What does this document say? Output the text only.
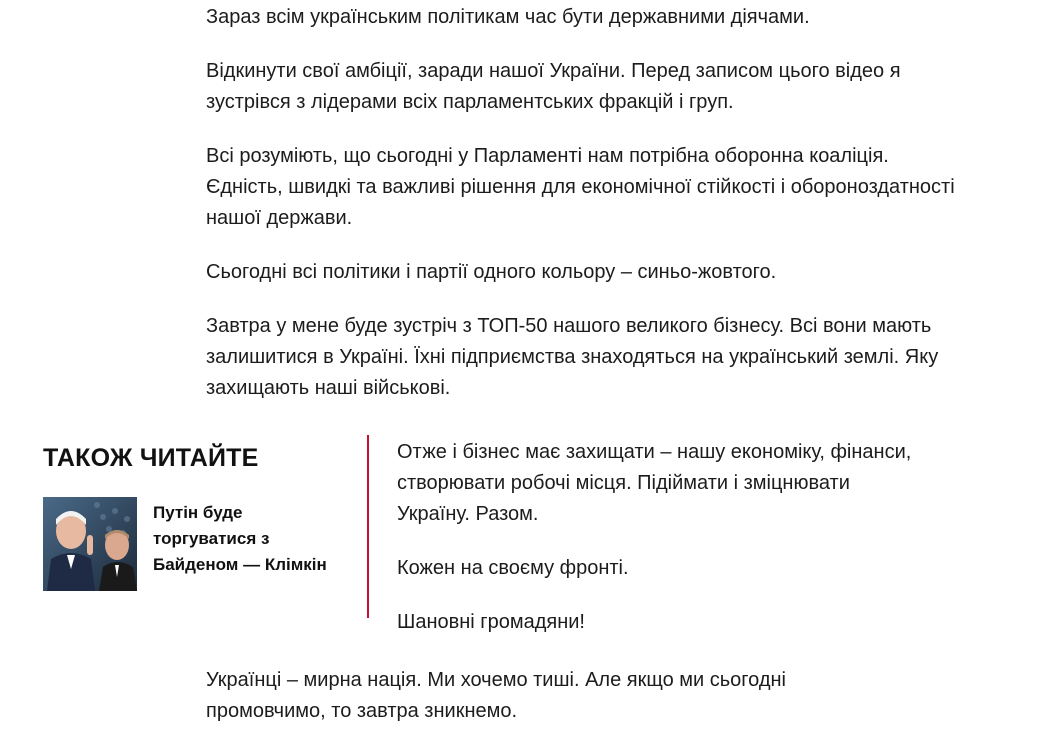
Зараз всім українським політикам час бути державними діячами.

Відкинути свої амбіції, заради нашої України. Перед записом цього відео я зустрівся з лідерами всіх парламентських фракцій і груп.

Всі розуміють, що сьогодні у Парламенті нам потрібна оборонна коаліція. Єдність, швидкі та важливі рішення для економічної стійкості і обороноздатності нашої держави.

Сьогодні всі політики і партії одного кольору – синьо-жовтого.

Завтра у мене буде зустріч з ТОП-50 нашого великого бізнесу. Всі вони мають залишитися в Україні. Їхні підприємства знаходяться на український землі. Яку захищають наші військові.

ТАКОЖ ЧИТАЙТЕ

Путін буде торгуватися з Байденом — Клімкін

Отже і бізнес має захищати – нашу економіку, фінанси, створювати робочі місця. Підіймати і зміцнювати Україну. Разом.

Кожен на своєму фронті.

Шановні громадяни!

Українці – мирна нація. Ми хочемо тиші. Але якщо ми сьогодні промовчимо, то завтра зникнемо.
